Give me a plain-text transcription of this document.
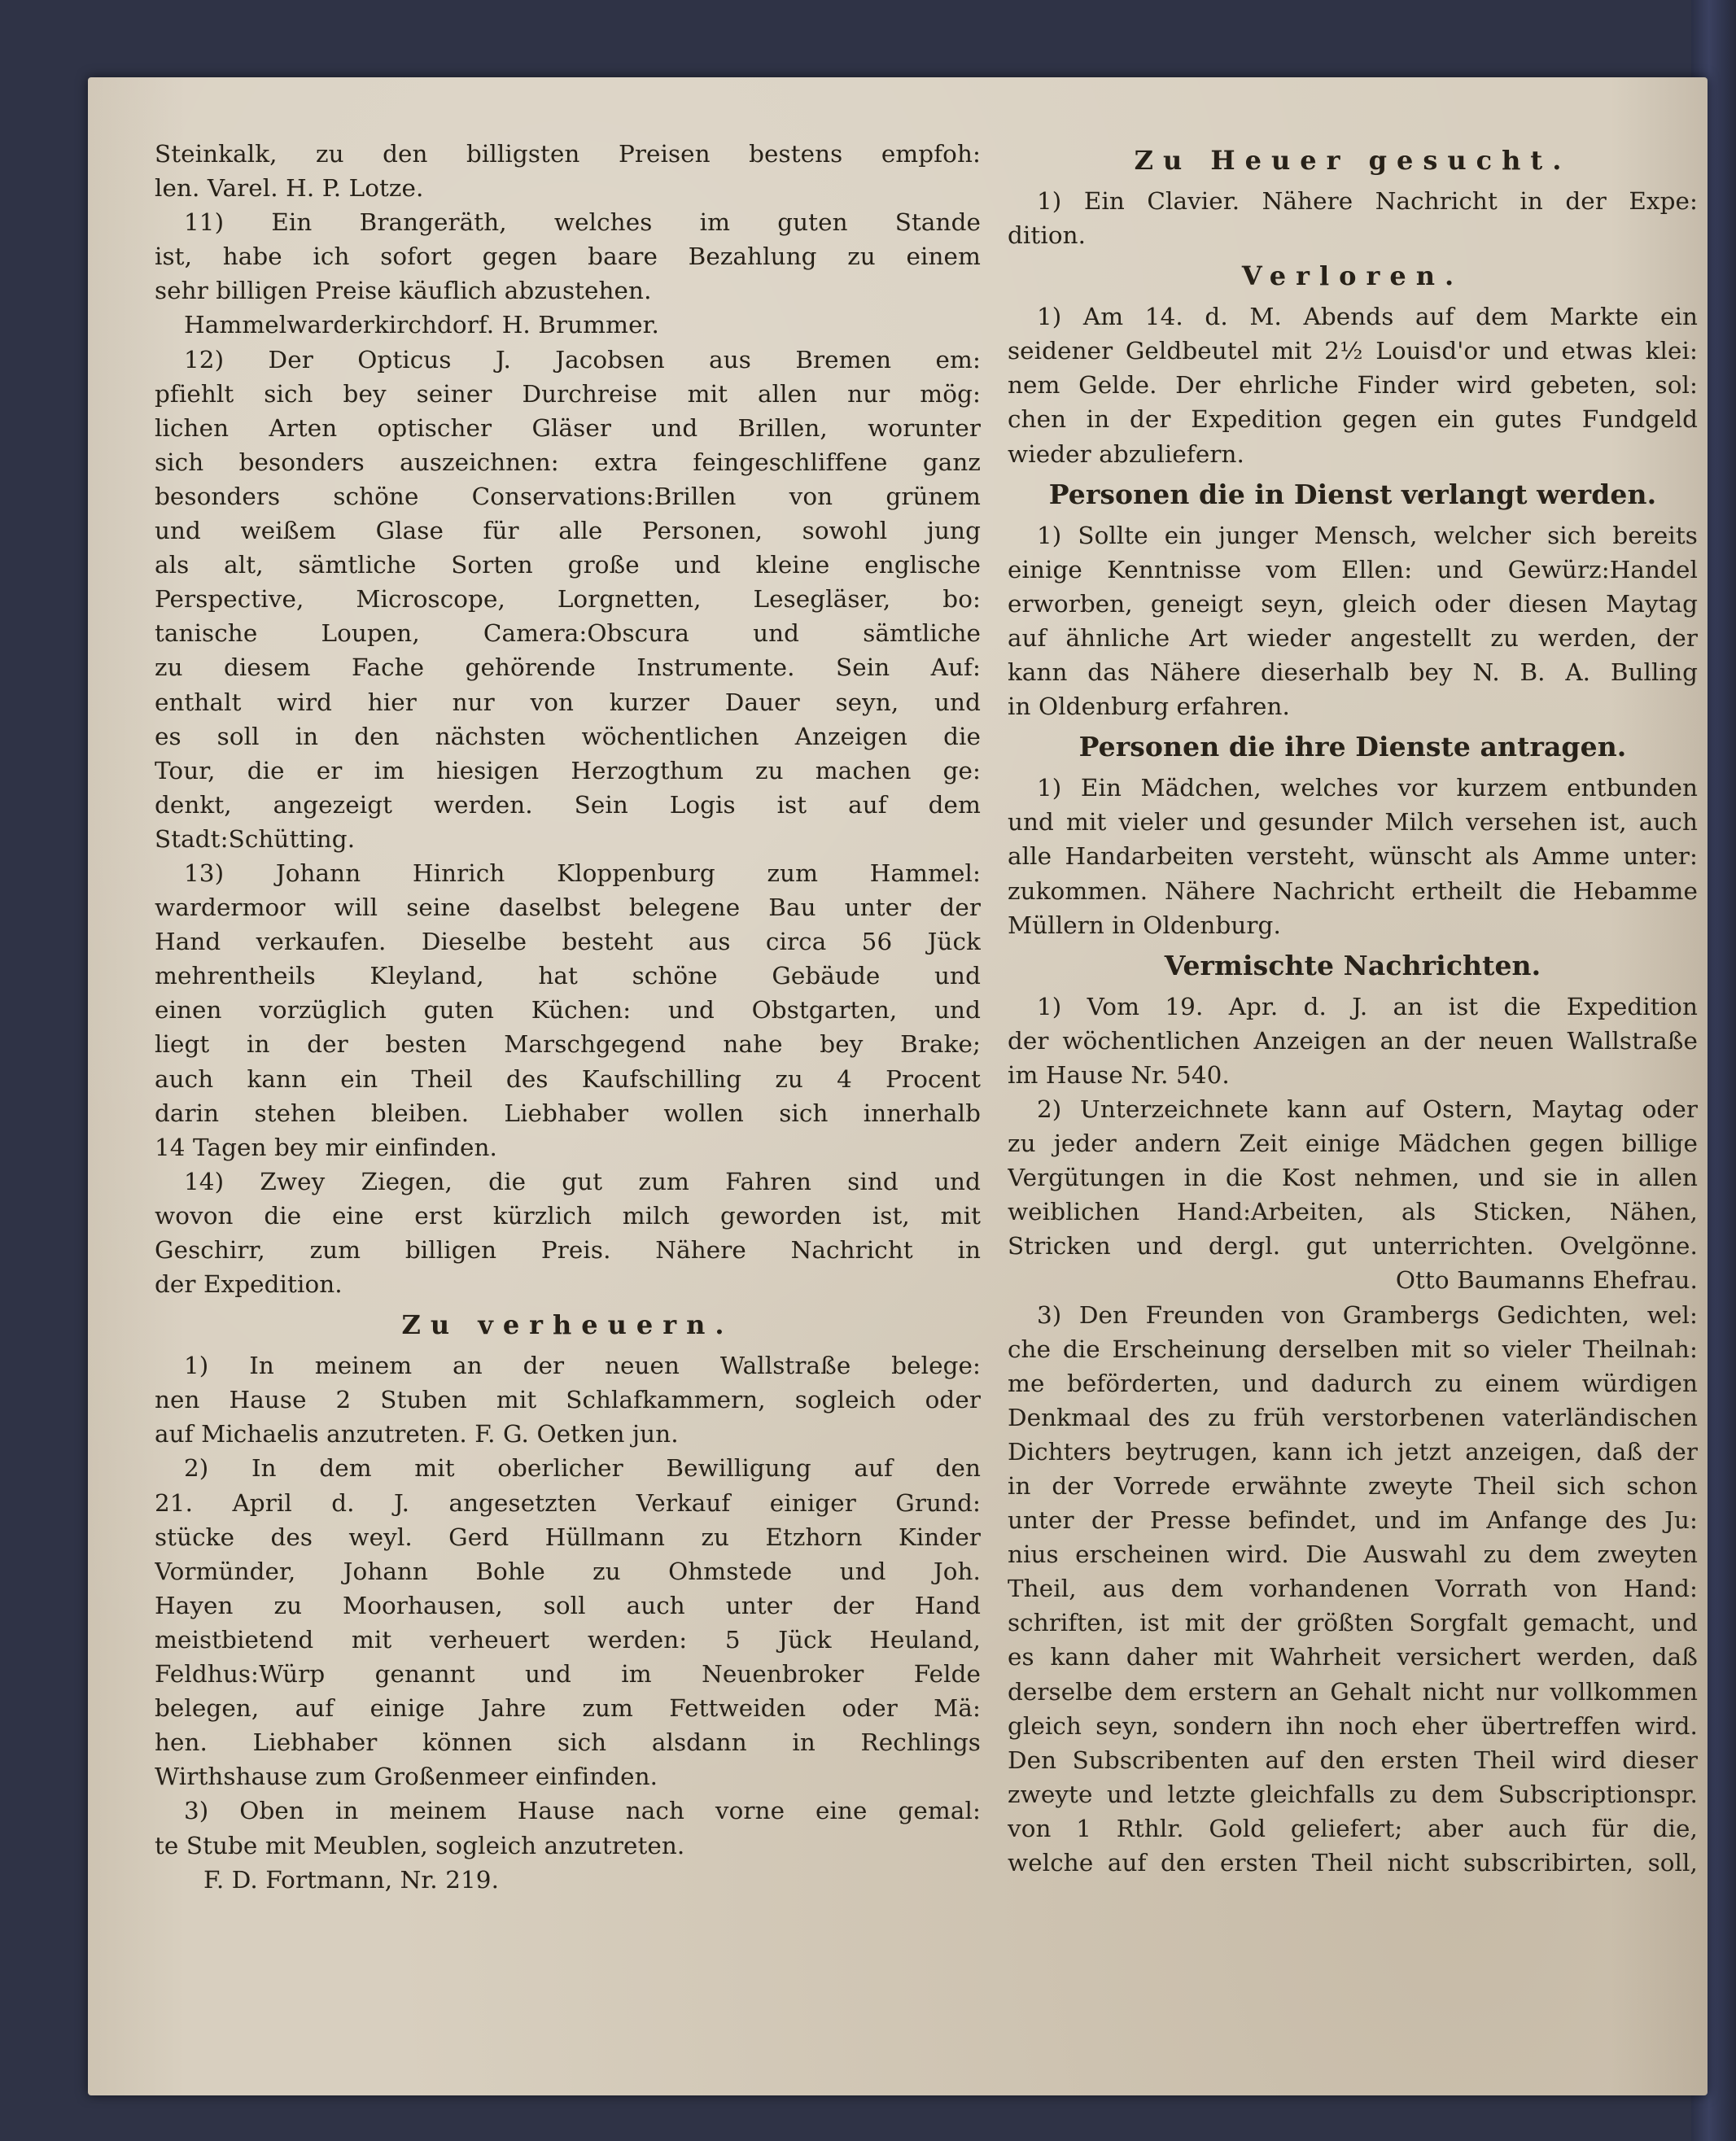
Steinkalk, zu den billigsten Preisen bestens empfoh:
len. Varel. H. P. Lotze.
11) Ein Brangeräth, welches im guten Stande
ist, habe ich sofort gegen baare Bezahlung zu einem
sehr billigen Preise käuflich abzustehen.
Hammelwarderkirchdorf. H. Brummer.
12) Der Opticus J. Jacobsen aus Bremen em:
pfiehlt sich bey seiner Durchreise mit allen nur mög:
lichen Arten optischer Gläser und Brillen, worunter
sich besonders auszeichnen: extra feingeschliffene ganz
besonders schöne Conservations:Brillen von grünem
und weißem Glase für alle Personen, sowohl jung
als alt, sämtliche Sorten große und kleine englische
Perspective, Microscope, Lorgnetten, Lesegläser, bo:
tanische Loupen, Camera:Obscura und sämtliche
zu diesem Fache gehörende Instrumente. Sein Auf:
enthalt wird hier nur von kurzer Dauer seyn, und
es soll in den nächsten wöchentlichen Anzeigen die
Tour, die er im hiesigen Herzogthum zu machen ge:
denkt, angezeigt werden. Sein Logis ist auf dem
Stadt:Schütting.
13) Johann Hinrich Kloppenburg zum Hammel:
wardermoor will seine daselbst belegene Bau unter der
Hand verkaufen. Dieselbe besteht aus circa 56 Jück
mehrentheils Kleyland, hat schöne Gebäude und
einen vorzüglich guten Küchen: und Obstgarten, und
liegt in der besten Marschgegend nahe bey Brake;
auch kann ein Theil des Kaufschilling zu 4 Procent
darin stehen bleiben. Liebhaber wollen sich innerhalb
14 Tagen bey mir einfinden.
14) Zwey Ziegen, die gut zum Fahren sind und
wovon die eine erst kürzlich milch geworden ist, mit
Geschirr, zum billigen Preis. Nähere Nachricht in
der Expedition.
Zu verheuern.
1) In meinem an der neuen Wallstraße belege:
nen Hause 2 Stuben mit Schlafkammern, sogleich oder
auf Michaelis anzutreten. F. G. Oetken jun.
2) In dem mit oberlicher Bewilligung auf den
21. April d. J. angesetzten Verkauf einiger Grund:
stücke des weyl. Gerd Hüllmann zu Etzhorn Kinder
Vormünder, Johann Bohle zu Ohmstede und Joh.
Hayen zu Moorhausen, soll auch unter der Hand
meistbietend mit verheuert werden: 5 Jück Heuland,
Feldhus:Würp genannt und im Neuenbroker Felde
belegen, auf einige Jahre zum Fettweiden oder Mä:
hen. Liebhaber können sich alsdann in Rechlings
Wirthshause zum Großenmeer einfinden.
3) Oben in meinem Hause nach vorne eine gemal:
te Stube mit Meublen, sogleich anzutreten.
F. D. Fortmann, Nr. 219.
Zu Heuer gesucht.
1) Ein Clavier. Nähere Nachricht in der Expe:
dition.
Verloren.
1) Am 14. d. M. Abends auf dem Markte ein
seidener Geldbeutel mit 2½ Louisd'or und etwas klei:
nem Gelde. Der ehrliche Finder wird gebeten, sol:
chen in der Expedition gegen ein gutes Fundgeld
wieder abzuliefern.
Personen die in Dienst verlangt werden.
1) Sollte ein junger Mensch, welcher sich bereits
einige Kenntnisse vom Ellen: und Gewürz:Handel
erworben, geneigt seyn, gleich oder diesen Maytag
auf ähnliche Art wieder angestellt zu werden, der
kann das Nähere dieserhalb bey N. B. A. Bulling
in Oldenburg erfahren.
Personen die ihre Dienste antragen.
1) Ein Mädchen, welches vor kurzem entbunden
und mit vieler und gesunder Milch versehen ist, auch
alle Handarbeiten versteht, wünscht als Amme unter:
zukommen. Nähere Nachricht ertheilt die Hebamme
Müllern in Oldenburg.
Vermischte Nachrichten.
1) Vom 19. Apr. d. J. an ist die Expedition
der wöchentlichen Anzeigen an der neuen Wallstraße
im Hause Nr. 540.
2) Unterzeichnete kann auf Ostern, Maytag oder
zu jeder andern Zeit einige Mädchen gegen billige
Vergütungen in die Kost nehmen, und sie in allen
weiblichen Hand:Arbeiten, als Sticken, Nähen,
Stricken und dergl. gut unterrichten. Ovelgönne.
Otto Baumanns Ehefrau.
3) Den Freunden von Grambergs Gedichten, wel:
che die Erscheinung derselben mit so vieler Theilnah:
me beförderten, und dadurch zu einem würdigen
Denkmaal des zu früh verstorbenen vaterländischen
Dichters beytrugen, kann ich jetzt anzeigen, daß der
in der Vorrede erwähnte zweyte Theil sich schon
unter der Presse befindet, und im Anfange des Ju:
nius erscheinen wird. Die Auswahl zu dem zweyten
Theil, aus dem vorhandenen Vorrath von Hand:
schriften, ist mit der größten Sorgfalt gemacht, und
es kann daher mit Wahrheit versichert werden, daß
derselbe dem erstern an Gehalt nicht nur vollkommen
gleich seyn, sondern ihn noch eher übertreffen wird.
Den Subscribenten auf den ersten Theil wird dieser
zweyte und letzte gleichfalls zu dem Subscriptionspr.
von 1 Rthlr. Gold geliefert; aber auch für die,
welche auf den ersten Theil nicht subscribirten, soll,
